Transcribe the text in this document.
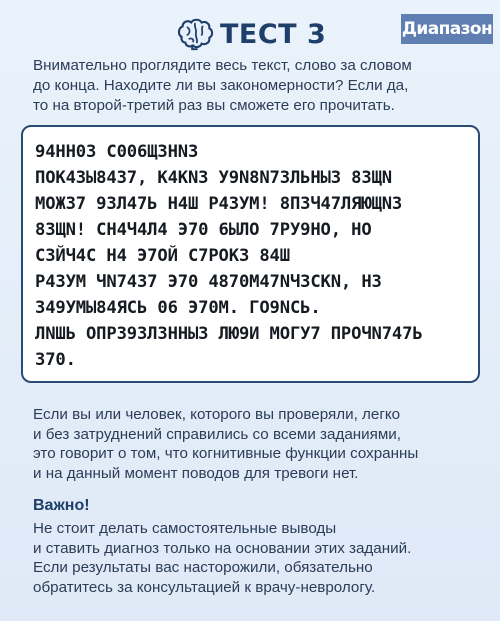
ТЕСТ 3	Диапазон
Внимательно проглядите весь текст, слово за словом
до конца. Находите ли вы закономерности? Если да,
то на второй-третий раз вы сможете его прочитать.
94НН03 С006ЩЗНN3
ПОК43Ы8437, К4KN3 У9N8N73ЛЬНЫ3 83ЩN
МОЖ37 93Л47Ь Н4Ш Р43УМ! 8П3Ч47ЛЯЮЩN3
83ЩN! СН4Ч4Л4 Э70 6ЫЛО 7РУ9НО, НО
СЗЙЧ4С Н4 Э7ОЙ С7РОКЗ 84Ш
Р43УМ ЧN7437 Э70 4870М47NЧ3СКN, НЗ
349УМЫ84ЯСЬ 06 Э70М. ГО9NСЬ.
ЛNШЬ ОПР393Л3ННЫ3 ЛЮ9И МОГУ7 ПРОЧN747Ь
370.
Если вы или человек, которого вы проверяли, легко
и без затруднений справились со всеми заданиями,
это говорит о том, что когнитивные функции сохранны
и на данный момент поводов для тревоги нет.
Важно!
Не стоит делать самостоятельные выводы
и ставить диагноз только на основании этих заданий.
Если результаты вас насторожили, обязательно
обратитесь за консультацией к врачу-неврологу.
